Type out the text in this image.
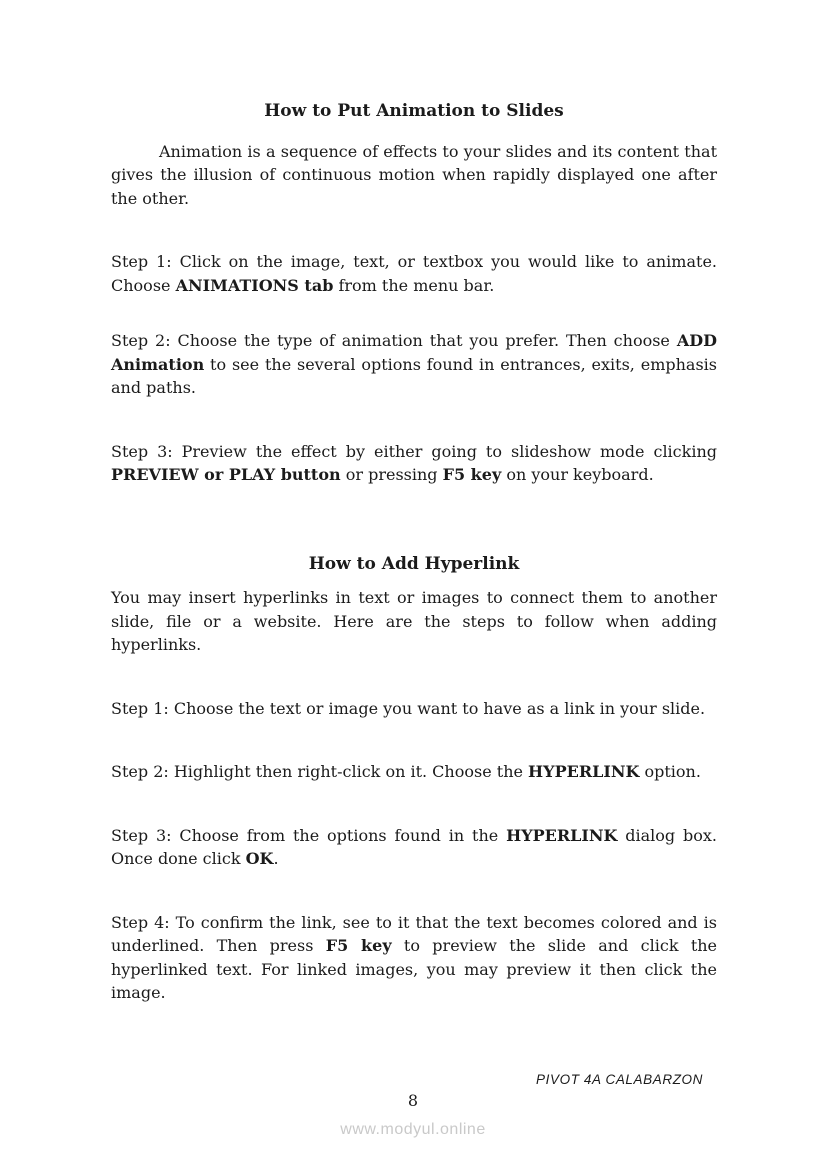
How to Put Animation to Slides
Animation is a sequence of effects to your slides and its content that gives the illusion of continuous motion when rapidly displayed one after the other.
Step 1: Click on the image, text, or textbox you would like to animate. Choose ANIMATIONS tab from the menu bar.
Step 2: Choose the type of animation that you prefer. Then choose ADD Animation to see the several options found in entrances, exits, emphasis and paths.
Step 3: Preview the effect by either going to slideshow mode clicking PREVIEW or PLAY button or pressing F5 key on your keyboard.
How to Add Hyperlink
You may insert hyperlinks in text or images to connect them to another slide, file or a website. Here are the steps to follow when adding hyperlinks.
Step 1: Choose the text or image you want to have as a link in your slide.
Step 2: Highlight then right-click on it. Choose the HYPERLINK option.
Step 3: Choose from the options found in the HYPERLINK dialog box. Once done click OK.
Step 4: To confirm the link, see to it that the text becomes colored and is underlined. Then press F5 key to preview the slide and click the hyperlinked text. For linked images, you may preview it then click the image.
PIVOT 4A CALABARZON
8
www.modyul.online
